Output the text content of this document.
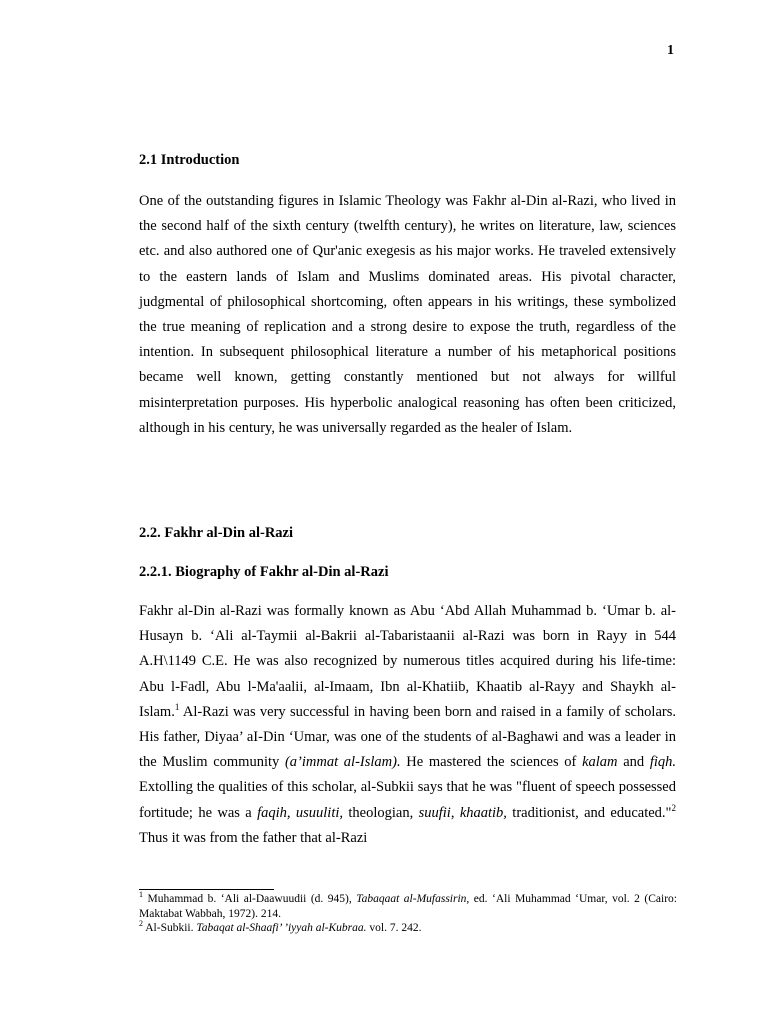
1
2.1 Introduction

One of the outstanding figures in Islamic Theology was Fakhr al-Din al-Razi, who lived in the second half of the sixth century (twelfth century), he writes on literature, law, sciences etc. and also authored one of Qur'anic exegesis as his major works. He traveled extensively to the eastern lands of Islam and Muslims dominated areas. His pivotal character, judgmental of philosophical shortcoming, often appears in his writings, these symbolized the true meaning of replication and a strong desire to expose the truth, regardless of the intention. In subsequent philosophical literature a number of his metaphorical positions became well known, getting constantly mentioned but not always for willful misinterpretation purposes. His hyperbolic analogical reasoning has often been criticized, although in his century, he was universally regarded as the healer of Islam.

2.2. Fakhr al-Din al-Razi
2.2.1. Biography of Fakhr al-Din al-Razi

Fakhr al-Din al-Razi was formally known as Abu ‘Abd Allah Muhammad b. ‘Umar b. al-Husayn b. ‘Ali al-Taymii al-Bakrii al-Tabaristaanii al-Razi was born in Rayy in 544 A.H\1149 C.E. He was also recognized by numerous titles acquired during his life-time: Abu l-Fadl, Abu l-Ma'aalii, al-Imaam, Ibn al-Khatiib, Khaatib al-Rayy and Shaykh al-Islam.$^1$ Al-Razi was very successful in having been born and raised in a family of scholars. His father, Diyaa’ aI-Din ‘Umar, was one of the students of al-Baghawi and was a leader in the Muslim community (a’immat al-Islam). He mastered the sciences of kalam and fiqh. Extolling the qualities of this scholar, al-Subkii says that he was "fluent of speech possessed fortitude; he was a faqih, usuuliti, theologian, suufii, khaatib, traditionist, and educated."$^2$ Thus it was from the father that al-Razi

$^1$ Muhammad b. ‘Ali al-Daawuudii (d. 945), Tabaqaat al-Mufassirin, ed. ‘Ali Muhammad ‘Umar, vol. 2 (Cairo: Maktabat Wabbah, 1972). 214.

$^2$ Al-Subkii. Tabaqat al-Shaafi’ ’iyyah al-Kubraa. vol. 7. 242.
